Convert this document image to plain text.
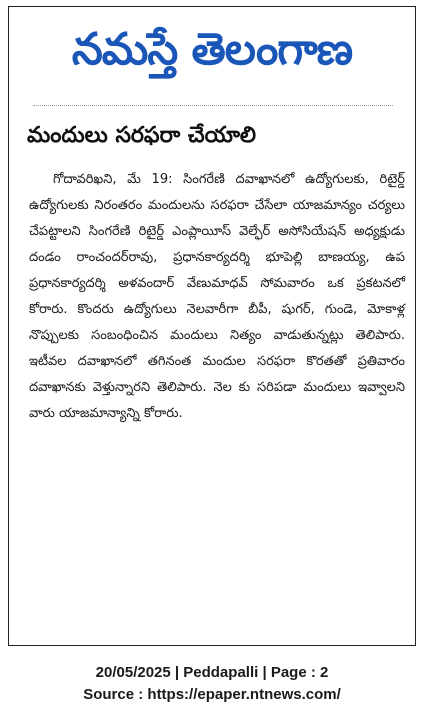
నమస్తే తెలంగాణ
మందులు సరఫరా చేయాలి
గోదావరిఖని, మే 19: సింగరేణి దవాఖానలో ఉద్యోగులకు, రిటైర్డ్ ఉద్యోగులకు నిరంతరం మందులను సరఫరా చేసేలా యాజమాన్యం చర్యలు చేపట్టాలని సింగరేణి రిటైర్డ్ ఎంప్లాయీస్ వెల్ఫేర్ అసోసియేషన్ అధ్యక్షుడు దండం రాంచందర్‌రావు, ప్రధానకార్యదర్శి భూపెల్లి బాణయ్య, ఉప ప్రధానకార్యదర్శి అళవందార్ వేణుమాధవ్ సోమవారం ఒక ప్రకటనలో కోరారు. కొందరు ఉద్యోగులు నెలవారీగా బీపీ, షుగర్, గుండె, మోకాళ్ల నొప్పులకు సంబంధించిన మందులు నిత్యం వాడుతున్నట్లు తెలిపారు. ఇటీవల దవాఖానలో తగినంత మందుల సరఫరా కొరతతో ప్రతివారం దవాఖానకు వెళ్తున్నారని తెలిపారు. నెల కు సరిపడా మందులు ఇవ్వాలని వారు యాజమాన్యాన్ని కోరారు.
20/05/2025 | Peddapalli | Page : 2
Source : https://epaper.ntnews.com/
